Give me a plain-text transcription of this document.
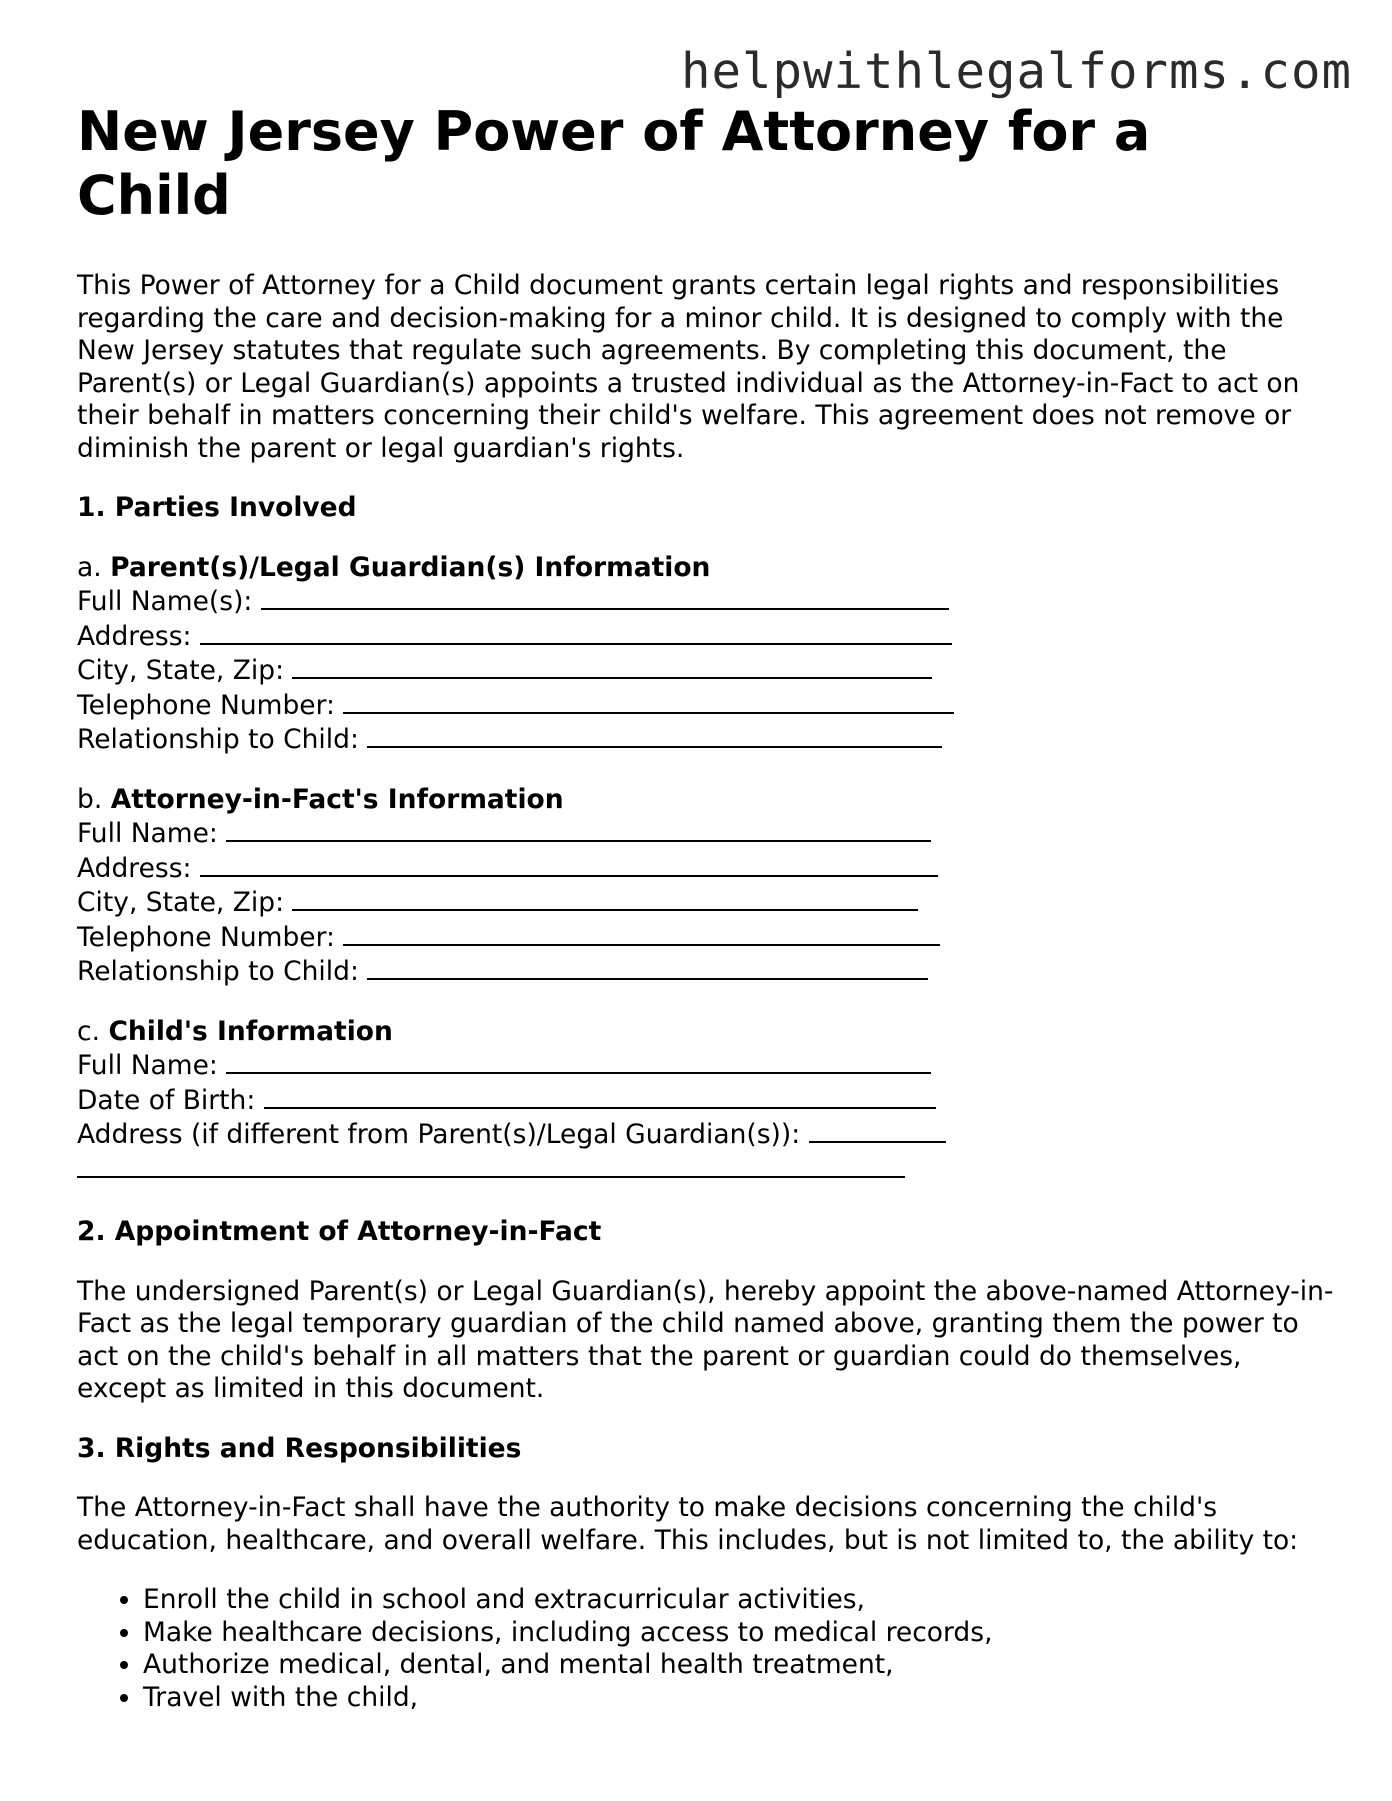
helpwithlegalforms.com
New Jersey Power of Attorney for a Child

This Power of Attorney for a Child document grants certain legal rights and responsibilities regarding the care and decision-making for a minor child. It is designed to comply with the New Jersey statutes that regulate such agreements. By completing this document, the Parent(s) or Legal Guardian(s) appoints a trusted individual as the Attorney-in-Fact to act on their behalf in matters concerning their child's welfare. This agreement does not remove or diminish the parent or legal guardian's rights.

1. Parties Involved
a. Parent(s)/Legal Guardian(s) Information
Full Name(s):
Address:
City, State, Zip:
Telephone Number:
Relationship to Child:
b. Attorney-in-Fact's Information
Full Name:
Address:
City, State, Zip:
Telephone Number:
Relationship to Child:
c. Child's Information
Full Name:
Date of Birth:
Address (if different from Parent(s)/Legal Guardian(s)):
2. Appointment of Attorney-in-Fact

The undersigned Parent(s) or Legal Guardian(s), hereby appoint the above-named Attorney-in-Fact as the legal temporary guardian of the child named above, granting them the power to act on the child's behalf in all matters that the parent or guardian could do themselves, except as limited in this document.

3. Rights and Responsibilities

The Attorney-in-Fact shall have the authority to make decisions concerning the child's education, healthcare, and overall welfare. This includes, but is not limited to, the ability to:

• Enroll the child in school and extracurricular activities,
• Make healthcare decisions, including access to medical records,
• Authorize medical, dental, and mental health treatment,
• Travel with the child,
